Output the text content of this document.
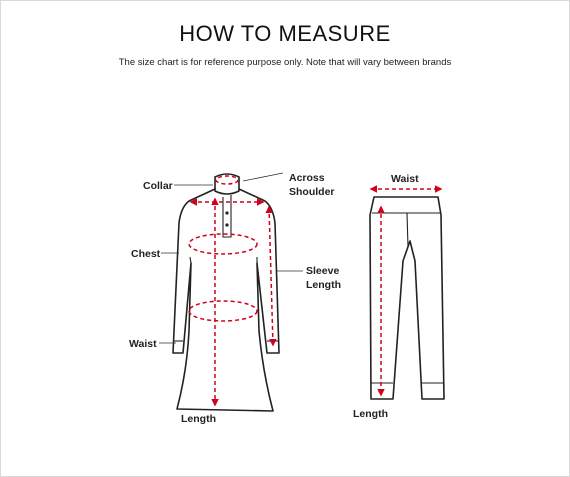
HOW TO MEASURE
The size chart is for reference purpose only. Note that will vary between brands
Collar
Across
Shoulder
Chest
Sleeve
Length
Waist
Length
Waist
Length
